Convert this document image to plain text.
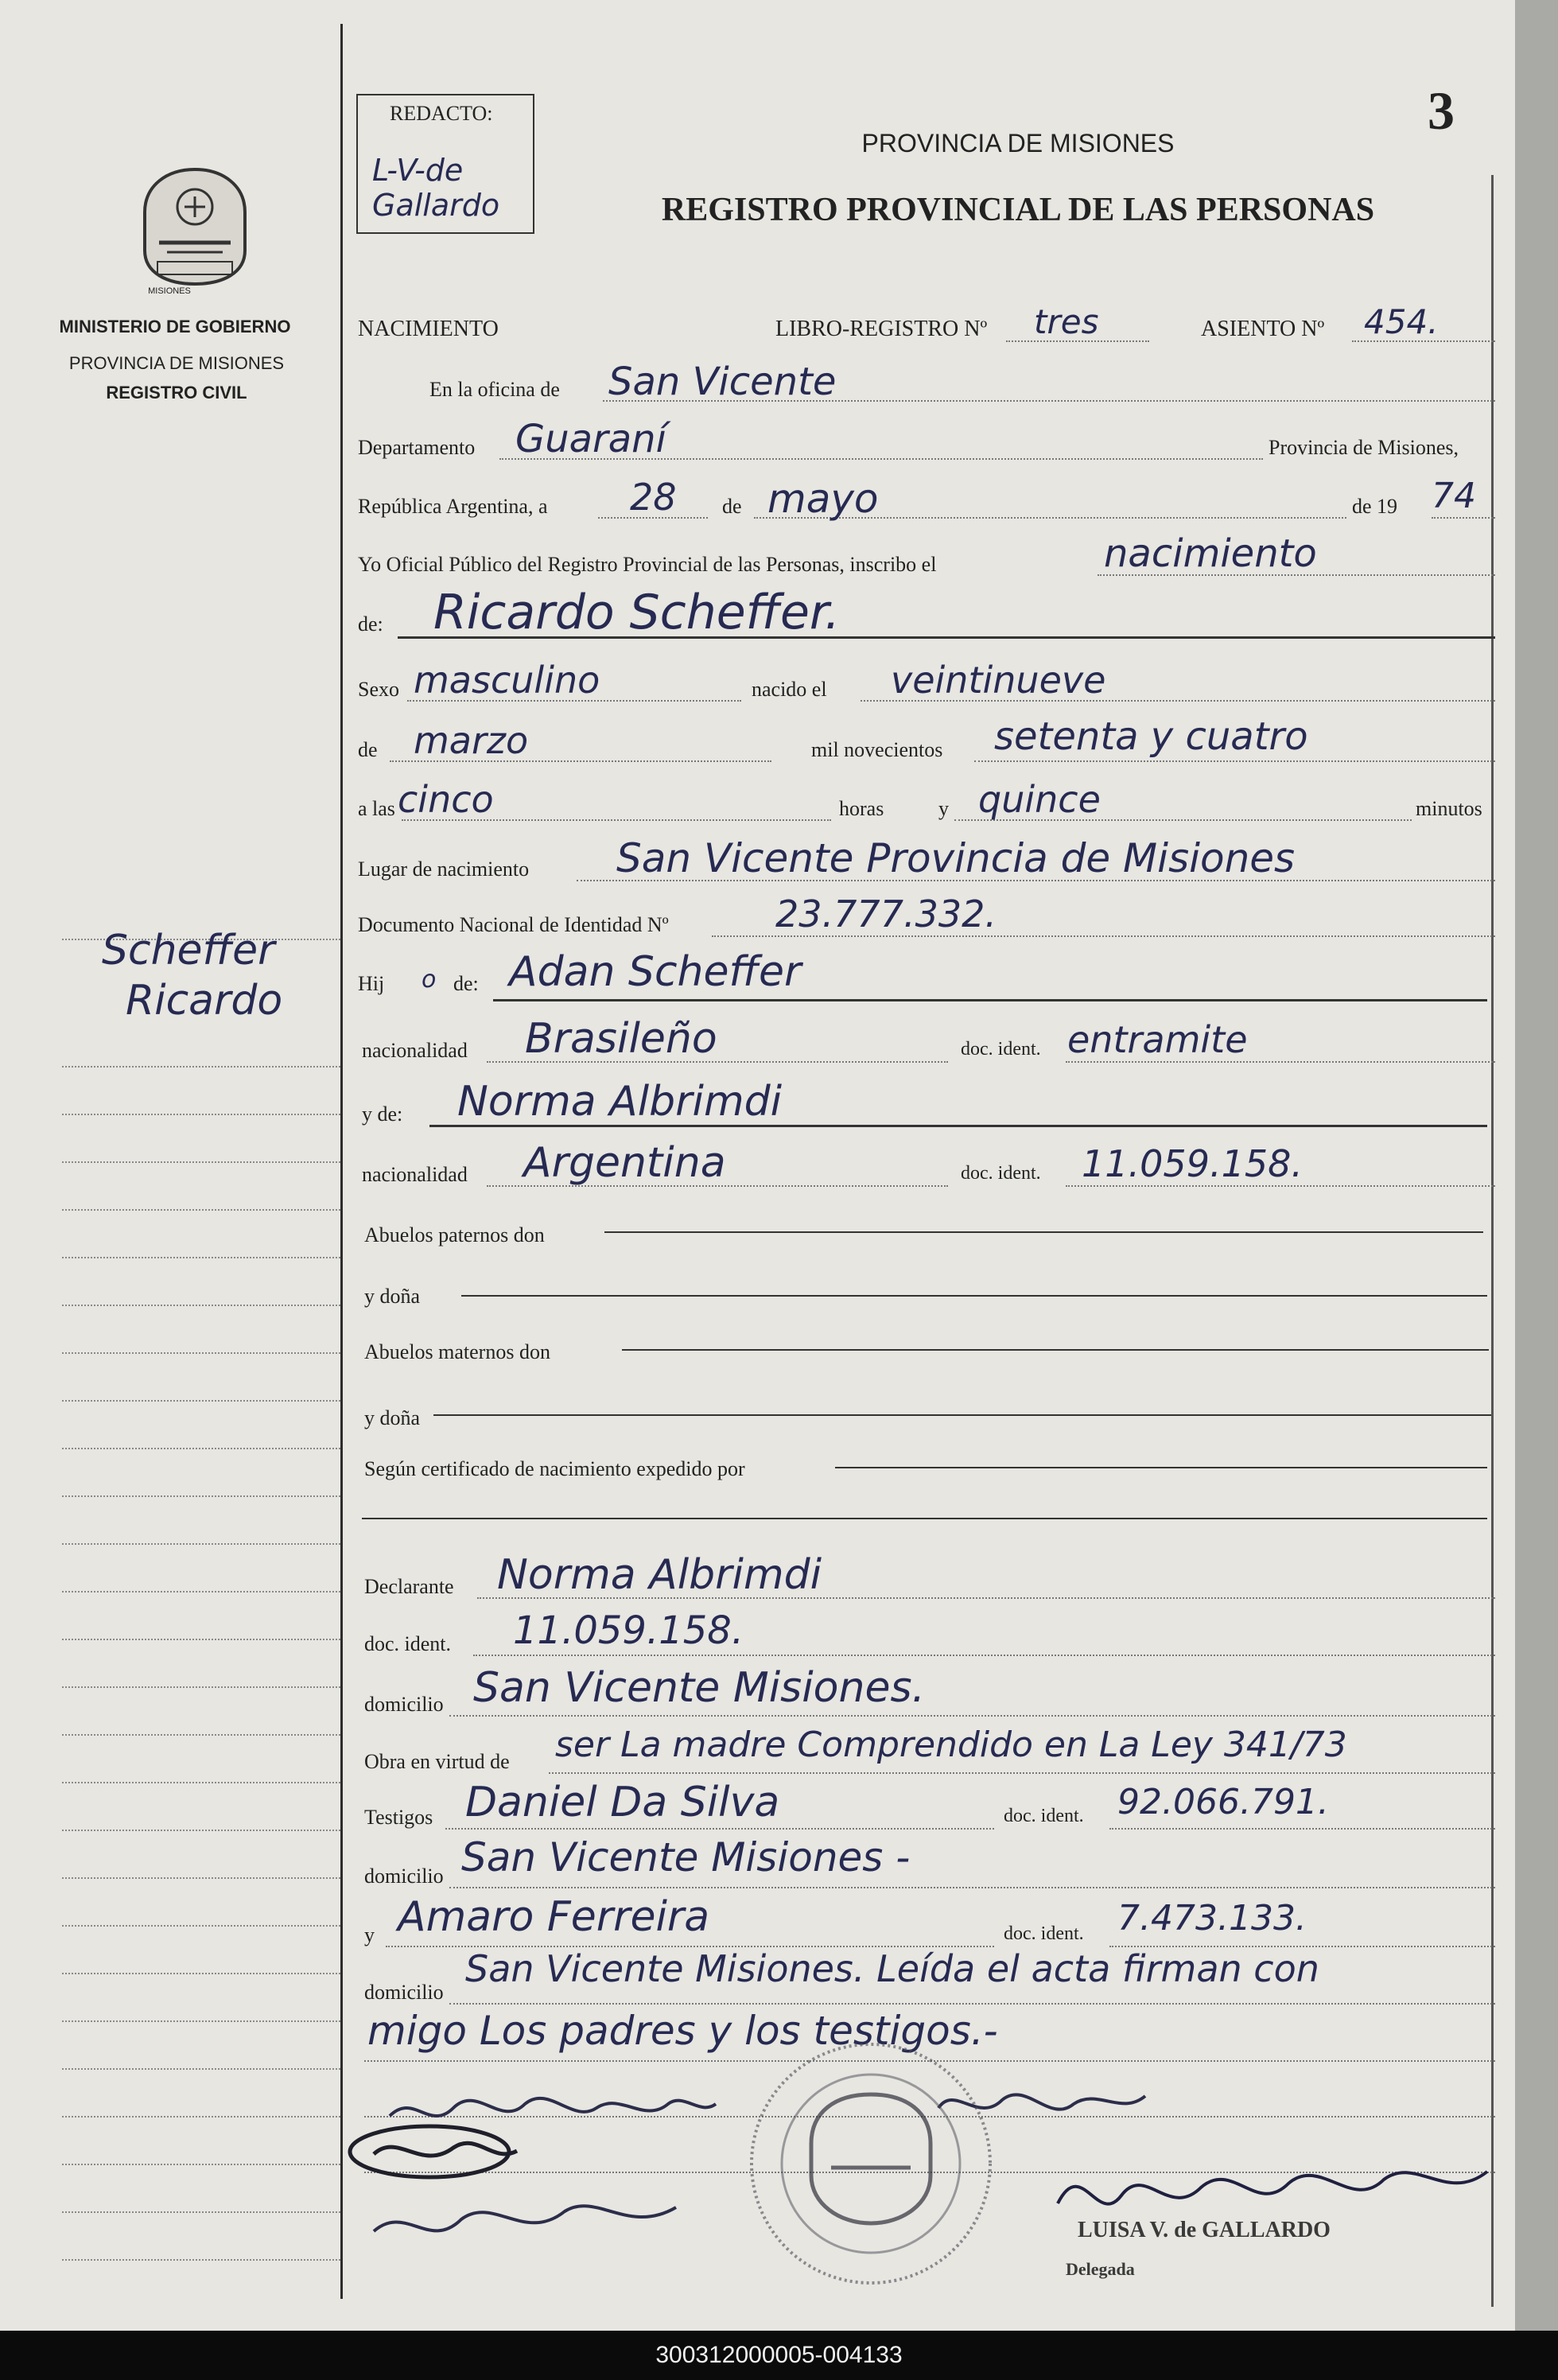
MISIONES
MINISTERIO DE GOBIERNO
PROVINCIA DE MISIONES
REGISTRO CIVIL
Scheffer
Ricardo
REDACTO:
L-V-de Gallardo
3
PROVINCIA DE MISIONES
REGISTRO PROVINCIAL DE LAS PERSONAS
NACIMIENTO	LIBRO-REGISTRO Nº tres	ASIENTO Nº 454.
En la oficina de San Vicente
Departamento Guaraní	Provincia de Misiones,
República Argentina, a 28 de mayo	de 19 74
Yo Oficial Público del Registro Provincial de las Personas, inscribo el	nacimiento
de: Ricardo Scheffer.
Sexo masculino	nacido el veintinueve
de marzo	mil novecientos setenta y cuatro
a las cinco	horas	y quince	minutos
Lugar de nacimiento San Vicente Provincia de Misiones
Documento Nacional de Identidad Nº	23.777.332.
Hij o de: Adan Scheffer
nacionalidad Brasileño	doc. ident. entramite
y de: Norma Albrimdi
nacionalidad Argentina	doc. ident. 11.059.158.
Abuelos paternos don
y doña
Abuelos maternos don
y doña
Según certificado de nacimiento expedido por
Declarante Norma Albrimdi
doc. ident. 11.059.158.
domicilio San Vicente Misiones.
Obra en virtud de ser La madre Comprendido en La Ley 341/73
Testigos Daniel Da Silva	doc. ident. 92.066.791.
domicilio San Vicente Misiones -
y Amaro Ferreira	doc. ident. 7.473.133.
domicilio
San Vicente Misiones. Leída el acta firman con
migo Los padres y los testigos.-
LUISA V. de GALLARDO
Delegada
300312000005-004133
